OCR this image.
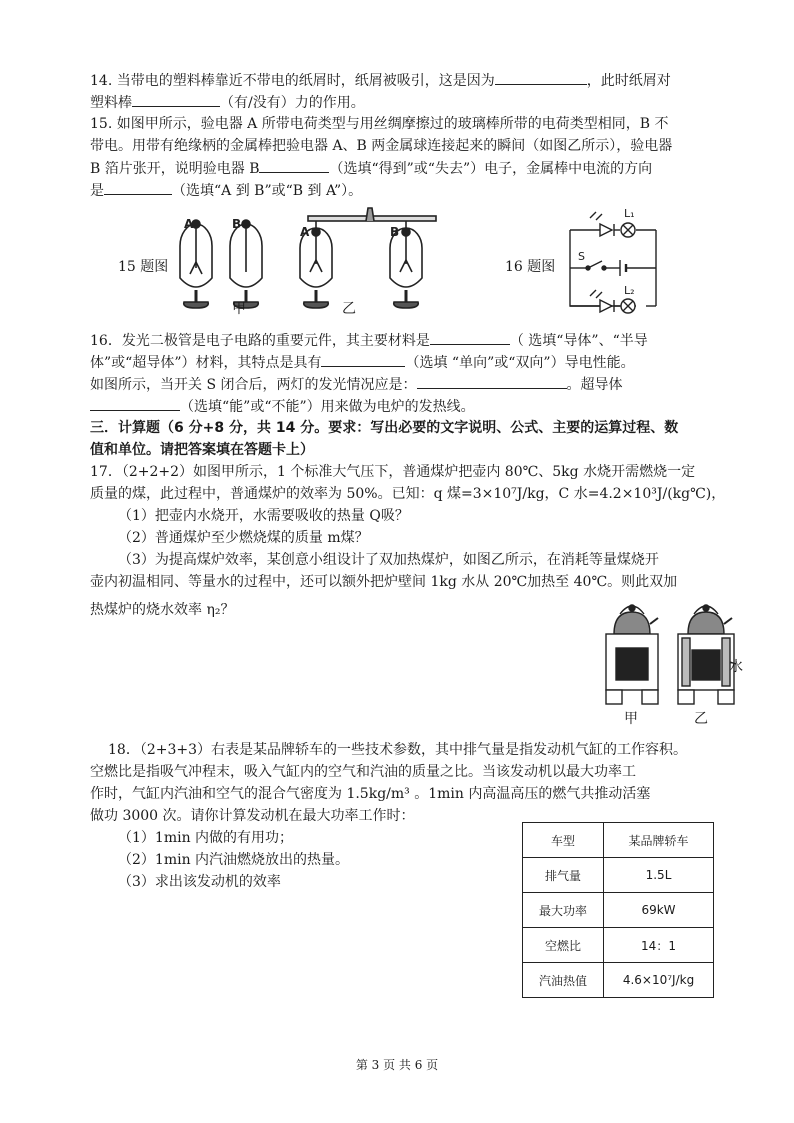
14. 当带电的塑料棒靠近不带电的纸屑时，纸屑被吸引，这是因为	，此时纸屑对
塑料棒	（有/没有）力的作用。
15. 如图甲所示，验电器 A 所带电荷类型与用丝绸摩擦过的玻璃棒所带的电荷类型相同，B 不
带电。用带有绝缘柄的金属棒把验电器 A、B 两金属球连接起来的瞬间（如图乙所示），验电器
B 箔片张开，说明验电器 B	（选填“得到”或“失去”）电子，金属棒中电流的方向
是	（选填“A 到 B”或“B 到 A”）。
15 题图
A	B
A	B
甲	乙
16 题图
S
L₁
L₂
16．发光二极管是电子电路的重要元件，其主要材料是	（ 选填“导体”、“半导
体”或“超导体”）材料，其特点是具有	（选填 “单向”或“双向”）导电性能。
如图所示，当开关 S 闭合后，两灯的发光情况应是：	。超导体
（选填“能”或“不能”）用来做为电炉的发热线。
三．计算题（6 分+8 分，共 14 分。要求：写出必要的文字说明、公式、主要的运算过程、数
值和单位。请把答案填在答题卡上）
17．（2+2+2）如图甲所示，1 个标准大气压下，普通煤炉把壶内 80℃、5kg 水烧开需燃烧一定
质量的煤，此过程中，普通煤炉的效率为 50%。已知：q 煤=3×10⁷J/kg，C 水=4.2×10³J/(kg℃)，
（1）把壶内水烧开，水需要吸收的热量 Q吸？
（2）普通煤炉至少燃烧煤的质量 m煤？
（3）为提高煤炉效率，某创意小组设计了双加热煤炉，如图乙所示，在消耗等量煤烧开
壶内初温相同、等量水的过程中，还可以额外把炉壁间 1kg 水从 20℃加热至 40℃。则此双加
热煤炉的烧水效率 η₂？
水
甲	乙
18．（2+3+3）右表是某品牌轿车的一些技术参数，其中排气量是指发动机气缸的工作容积。
空燃比是指吸气冲程末，吸入气缸内的空气和汽油的质量之比。当该发动机以最大功率工
作时，气缸内汽油和空气的混合气密度为 1.5kg/m³ 。1min 内高温高压的燃气共推动活塞
做功 3000 次。请你计算发动机在最大功率工作时：
（1）1min 内做的有用功；
（2）1min 内汽油燃烧放出的热量。
（3）求出该发动机的效率
车型	某品牌轿车
排气量	1.5L
最大功率	69kW
空燃比	14：1
汽油热值	4.6×10⁷J/kg
第 3 页 共 6 页
